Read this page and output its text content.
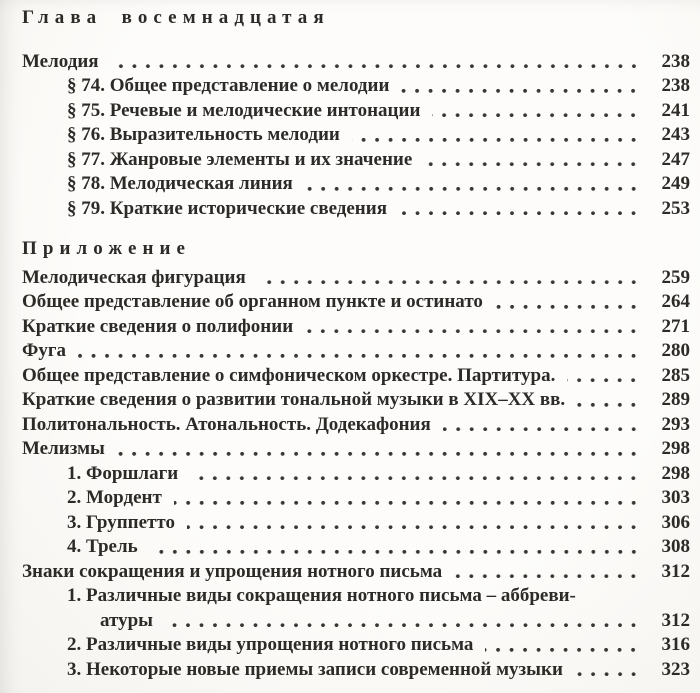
Глава восемнадцатая
Мелодия	238
§ 74. Общее представление о мелодии	238
§ 75. Речевые и мелодические интонации	241
§ 76. Выразительность мелодии	243
§ 77. Жанровые элементы и их значение	247
§ 78. Мелодическая линия	249
§ 79. Краткие исторические сведения	253
Приложение
Мелодическая фигурация	259
Общее представление об органном пункте и остинато	264
Краткие сведения о полифонии	271
Фуга	280
Общее представление о симфоническом оркестре. Партитура.	285
Краткие сведения о развитии тональной музыки в XIX–XX вв.	289
Политональность. Атональность. Додекафония	293
Мелизмы	298
1. Форшлаги	298
2. Мордент	303
3. Группетто	306
4. Трель	308
Знаки сокращения и упрощения нотного письма	312
1. Различные виды сокращения нотного письма – аббреви-
атуры	312
2. Различные виды упрощения нотного письма	316
3. Некоторые новые приемы записи современной музыки	323
